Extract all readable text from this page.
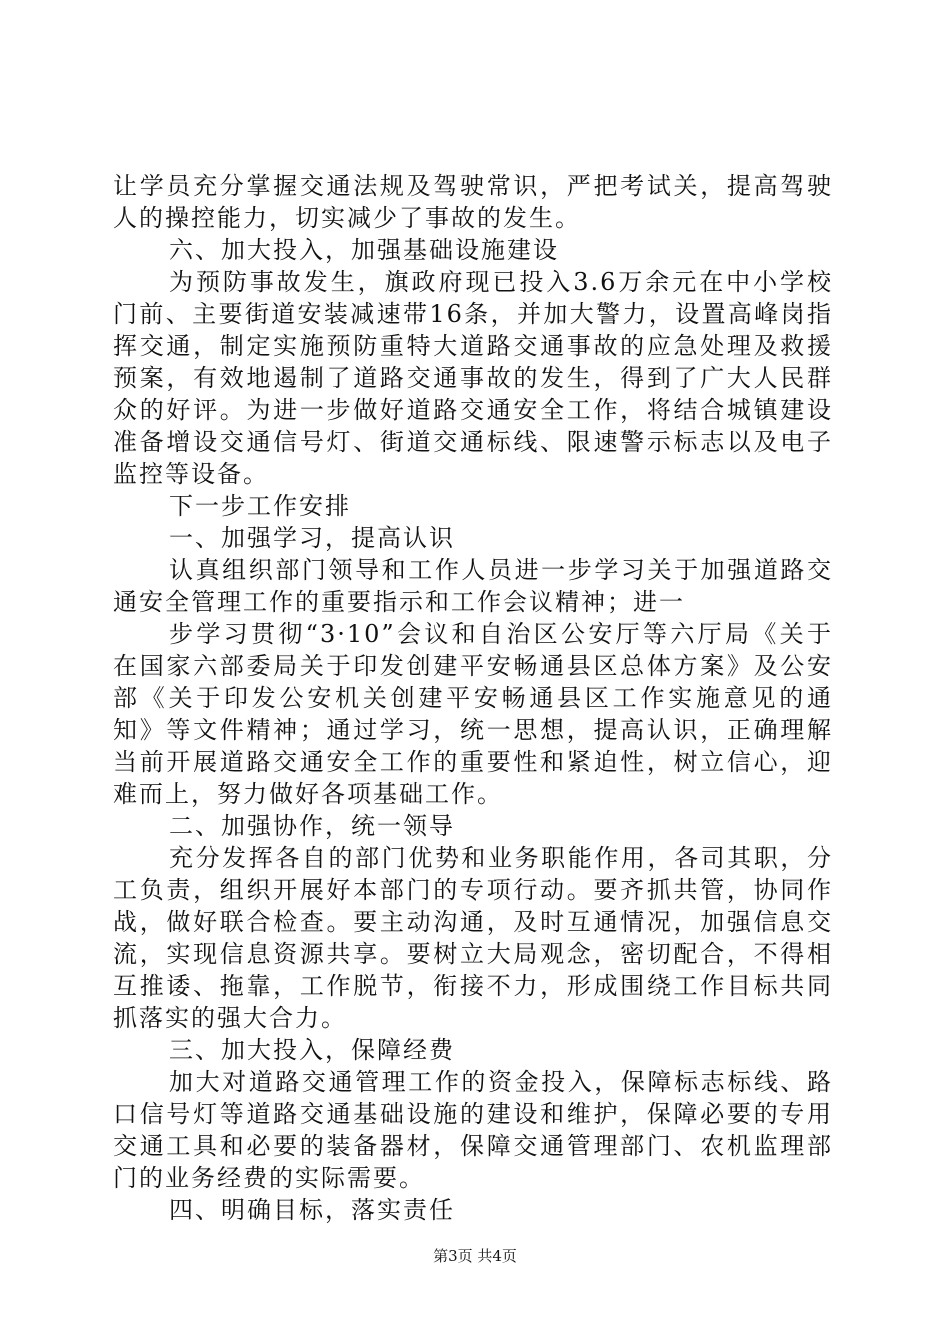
让学员充分掌握交通法规及驾驶常识，严把考试关，提高驾驶
人的操控能力，切实减少了事故的发生。
六、加大投入，加强基础设施建设
为预防事故发生，旗政府现已投入3.6万余元在中小学校
门前、主要街道安装减速带16条，并加大警力，设置高峰岗指
挥交通，制定实施预防重特大道路交通事故的应急处理及救援
预案，有效地遏制了道路交通事故的发生，得到了广大人民群
众的好评。为进一步做好道路交通安全工作，将结合城镇建设
准备增设交通信号灯、街道交通标线、限速警示标志以及电子
监控等设备。
下一步工作安排
一、加强学习，提高认识
认真组织部门领导和工作人员进一步学习关于加强道路交
通安全管理工作的重要指示和工作会议精神；进一
步学习贯彻“3·10”会议和自治区公安厅等六厅局《关于
在国家六部委局关于印发创建平安畅通县区总体方案》及公安
部《关于印发公安机关创建平安畅通县区工作实施意见的通
知》等文件精神；通过学习，统一思想，提高认识，正确理解
当前开展道路交通安全工作的重要性和紧迫性，树立信心，迎
难而上，努力做好各项基础工作。
二、加强协作，统一领导
充分发挥各自的部门优势和业务职能作用，各司其职，分
工负责，组织开展好本部门的专项行动。要齐抓共管，协同作
战，做好联合检查。要主动沟通，及时互通情况，加强信息交
流，实现信息资源共享。要树立大局观念，密切配合，不得相
互推诿、拖靠，工作脱节，衔接不力，形成围绕工作目标共同
抓落实的强大合力。
三、加大投入，保障经费
加大对道路交通管理工作的资金投入，保障标志标线、路
口信号灯等道路交通基础设施的建设和维护，保障必要的专用
交通工具和必要的装备器材，保障交通管理部门、农机监理部
门的业务经费的实际需要。
四、明确目标，落实责任
第3页 共4页
